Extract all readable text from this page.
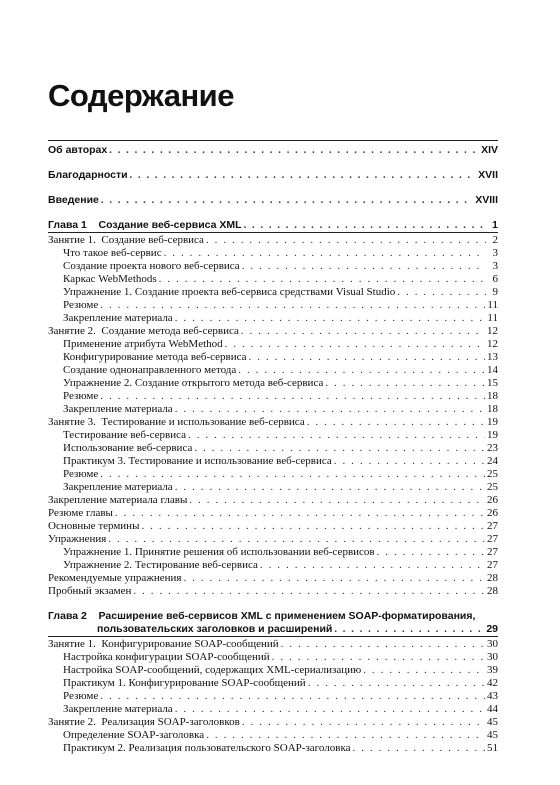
Содержание
Об авторах . . .	XIV
Благодарности . . .	XVII
Введение . . .	XVIII
Глава 1    Создание веб-сервиса XML . . .	1
Занятие 1.  Создание веб-сервиса . . .	2
Что такое веб-сервис . . .	3
Создание проекта нового веб-сервиса . . .	3
Каркас WebMethods . . .	6
Упражнение 1. Создание проекта веб-сервиса средствами Visual Studio . . .	9
Резюме . . .	11
Закрепление материала . . .	11
Занятие 2.  Создание метода веб-сервиса . . .	12
Применение атрибута WebMethod . . .	12
Конфигурирование метода веб-сервиса . . .	13
Создание однонаправленного метода . . .	14
Упражнение 2. Создание открытого метода веб-сервиса . . .	15
Резюме . . .	18
Закрепление материала . . .	18
Занятие 3.  Тестирование и использование веб-сервиса . . .	19
Тестирование веб-сервиса . . .	19
Использование веб-сервиса . . .	23
Практикум 3. Тестирование и использование веб-сервиса . . .	24
Резюме . . .	25
Закрепление материала . . .	25
Закрепление материала главы . . .	26
Резюме главы . . .	26
Основные термины . . .	27
Упражнения . . .	27
Упражнение 1. Принятие решения об использовании веб-сервисов . . .	27
Упражнение 2. Тестирование веб-сервиса . . .	27
Рекомендуемые упражнения . . .	28
Пробный экзамен . . .	28
Глава 2    Расширение веб-сервисов XML с применением SOAP-форматирования,
пользовательских заголовков и расширений . . .	29
Занятие 1.  Конфигурирование SOAP-сообщений . . .	30
Настройка конфигурации SOAP-сообщений . . .	30
Настройка SOAP-сообщений, содержащих XML-сериализацию . . .	39
Практикум 1. Конфигурирование SOAP-сообщений . . .	42
Резюме . . .	43
Закрепление материала . . .	44
Занятие 2.  Реализация SOAP-заголовков . . .	45
Определение SOAP-заголовка . . .	45
Практикум 2. Реализация пользовательского SOAP-заголовка . . .	51
